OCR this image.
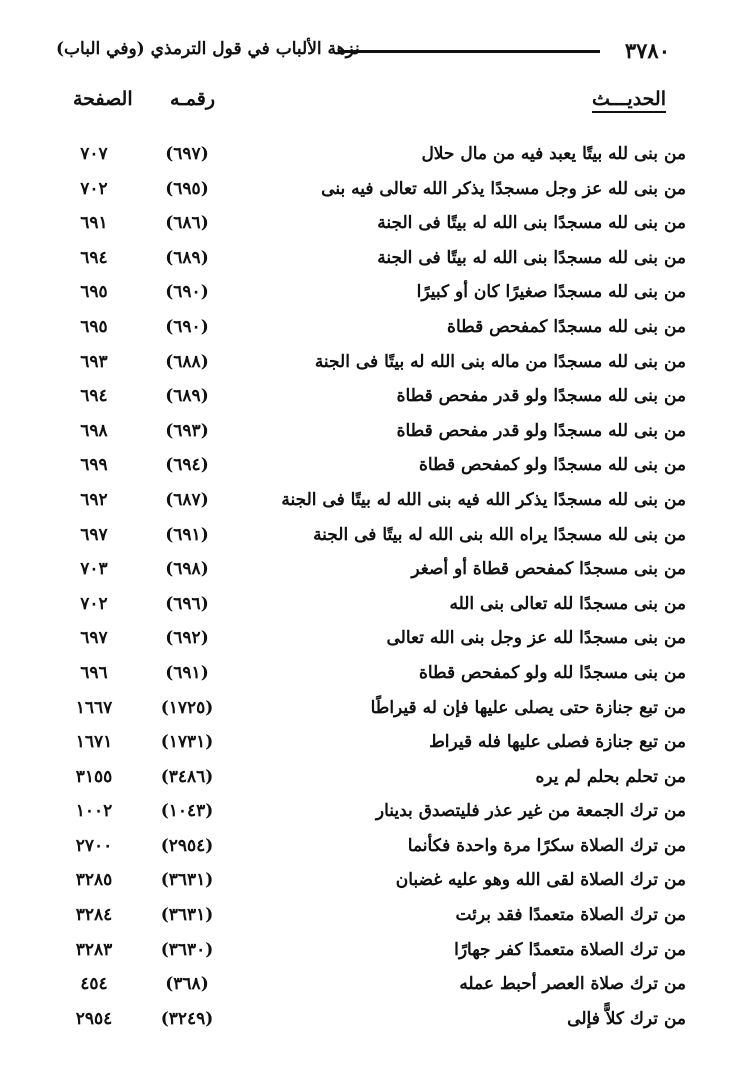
٣٧٨٠
نزهة الألباب في قول الترمذي (وفي الباب)
الحديـــث
رقمـه
الصفحة
من بنى لله بيتًا يعبد فيه من مال حلال
(٦٩٧)
٧٠٧
من بنى لله عز وجل مسجدًا يذكر الله تعالى فيه بنى
(٦٩٥)
٧٠٢
من بنى لله مسجدًا بنى الله له بيتًا فى الجنة
(٦٨٦)
٦٩١
من بنى لله مسجدًا بنى الله له بيتًا فى الجنة
(٦٨٩)
٦٩٤
من بنى لله مسجدًا صغيرًا كان أو كبيرًا
(٦٩٠)
٦٩٥
من بنى لله مسجدًا كمفحص قطاة
(٦٩٠)
٦٩٥
من بنى لله مسجدًا من ماله بنى الله له بيتًا فى الجنة
(٦٨٨)
٦٩٣
من بنى لله مسجدًا ولو قدر مفحص قطاة
(٦٨٩)
٦٩٤
من بنى لله مسجدًا ولو قدر مفحص قطاة
(٦٩٣)
٦٩٨
من بنى لله مسجدًا ولو كمفحص قطاة
(٦٩٤)
٦٩٩
من بنى لله مسجدًا يذكر الله فيه بنى الله له بيتًا فى الجنة
(٦٨٧)
٦٩٢
من بنى لله مسجدًا يراه الله بنى الله له بيتًا فى الجنة
(٦٩١)
٦٩٧
من بنى مسجدًا كمفحص قطاة أو أصغر
(٦٩٨)
٧٠٣
من بنى مسجدًا لله تعالى بنى الله
(٦٩٦)
٧٠٢
من بنى مسجدًا لله عز وجل بنى الله تعالى
(٦٩٢)
٦٩٧
من بنى مسجدًا لله ولو كمفحص قطاة
(٦٩١)
٦٩٦
من تبع جنازة حتى يصلى عليها فإن له قيراطًا
(١٧٢٥)
١٦٦٧
من تبع جنازة فصلى عليها فله قيراط
(١٧٣١)
١٦٧١
من تحلم بحلم لم يره
(٣٤٨٦)
٣١٥٥
من ترك الجمعة من غير عذر فليتصدق بدينار
(١٠٤٣)
١٠٠٢
من ترك الصلاة سكرًا مرة واحدة فكأنما
(٢٩٥٤)
٢٧٠٠
من ترك الصلاة لقى الله وهو عليه غضبان
(٣٦٣١)
٣٢٨٥
من ترك الصلاة متعمدًا فقد برئت
(٣٦٣١)
٣٢٨٤
من ترك الصلاة متعمدًا كفر جهارًا
(٣٦٣٠)
٣٢٨٣
من ترك صلاة العصر أحبط عمله
(٣٦٨)
٤٥٤
من ترك كلاًّ فإلى
(٣٢٤٩)
٢٩٥٤
